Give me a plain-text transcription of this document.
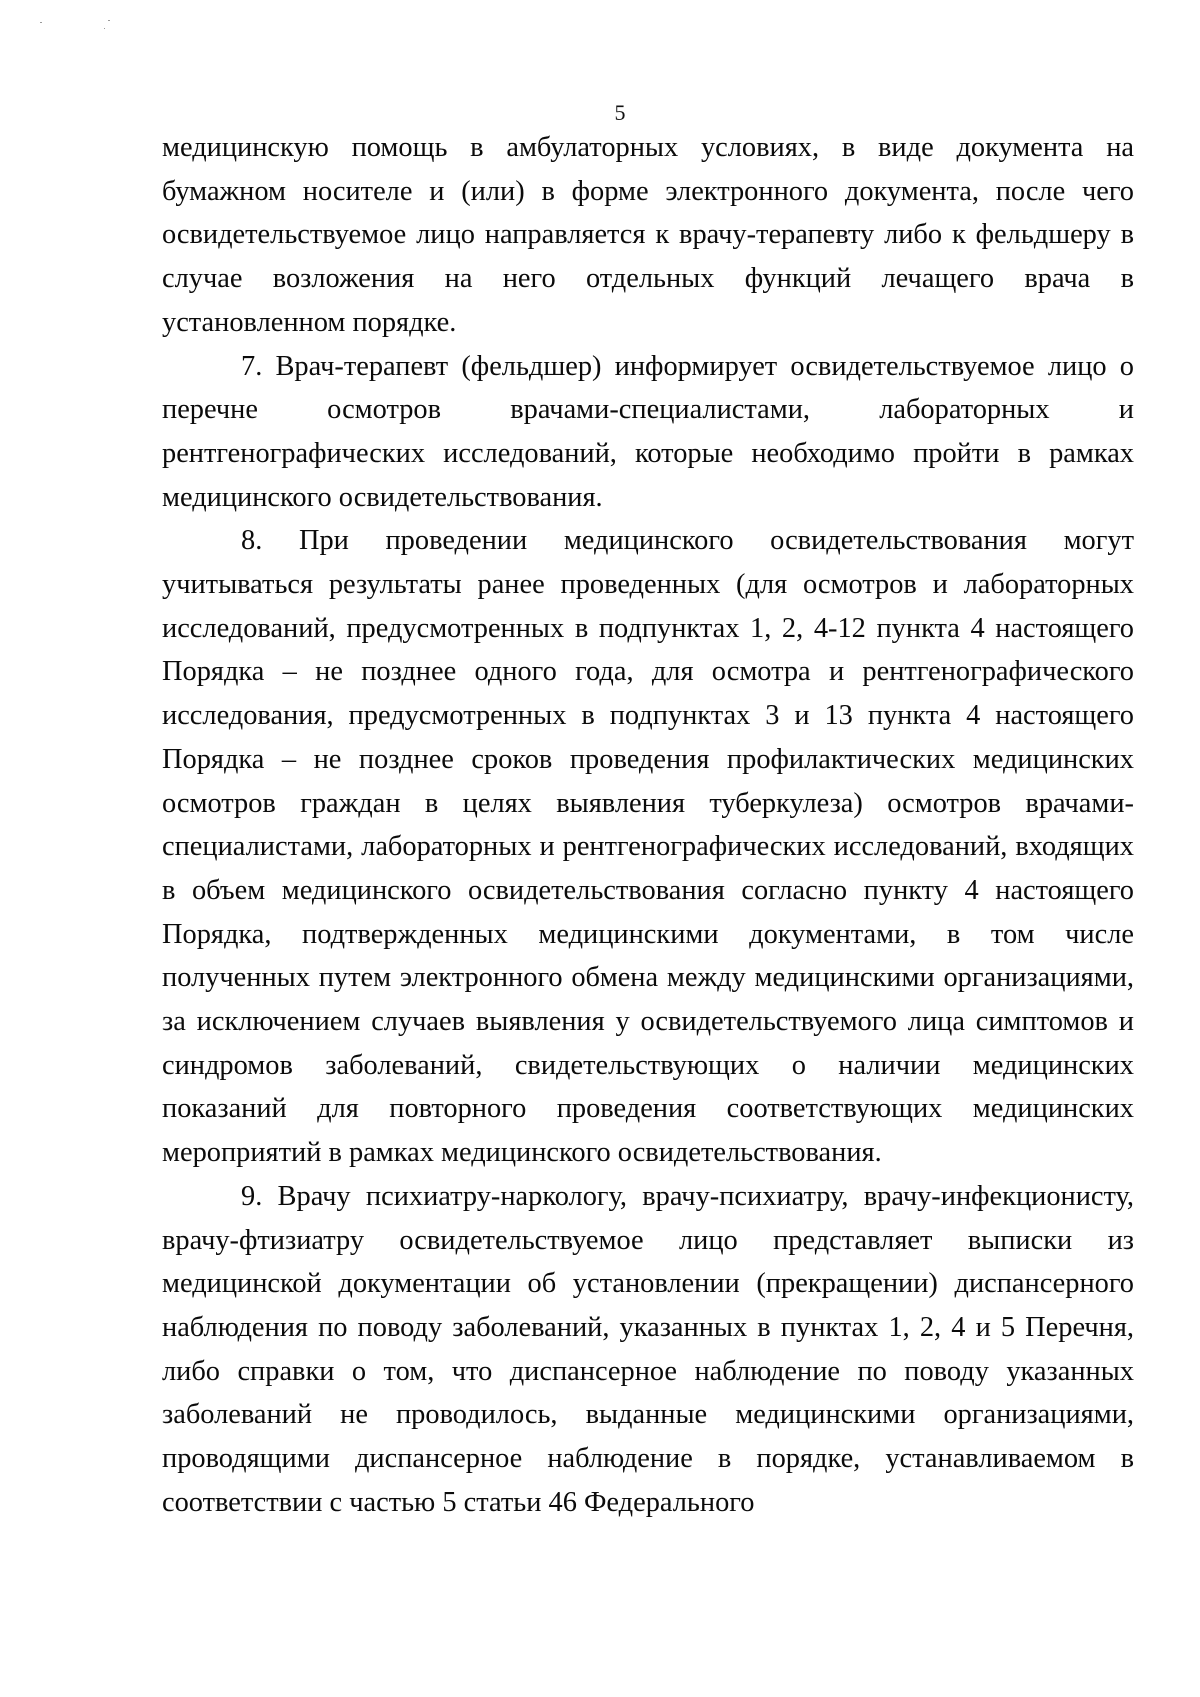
5

медицинскую помощь в амбулаторных условиях, в виде документа на бумажном носителе и (или) в форме электронного документа, после чего освидетельствуемое лицо направляется к врачу-терапевту либо к фельдшеру в случае возложения на него отдельных функций лечащего врача в установленном порядке.

7. Врач-терапевт (фельдшер) информирует освидетельствуемое лицо о перечне осмотров врачами-специалистами, лабораторных и рентгенографических исследований, которые необходимо пройти в рамках медицинского освидетельствования.

8. При проведении медицинского освидетельствования могут учитываться результаты ранее проведенных (для осмотров и лабораторных исследований, предусмотренных в подпунктах 1, 2, 4-12 пункта 4 настоящего Порядка – не позднее одного года, для осмотра и рентгенографического исследования, предусмотренных в подпунктах 3 и 13 пункта 4 настоящего Порядка – не позднее сроков проведения профилактических медицинских осмотров граждан в целях выявления туберкулеза) осмотров врачами-специалистами, лабораторных и рентгенографических исследований, входящих в объем медицинского освидетельствования согласно пункту 4 настоящего Порядка, подтвержденных медицинскими документами, в том числе полученных путем электронного обмена между медицинскими организациями, за исключением случаев выявления у освидетельствуемого лица симптомов и синдромов заболеваний, свидетельствующих о наличии медицинских показаний для повторного проведения соответствующих медицинских мероприятий в рамках медицинского освидетельствования.

9. Врачу психиатру-наркологу, врачу-психиатру, врачу-инфекционисту, врачу-фтизиатру освидетельствуемое лицо представляет выписки из медицинской документации об установлении (прекращении) диспансерного наблюдения по поводу заболеваний, указанных в пунктах 1, 2, 4 и 5 Перечня, либо справки о том, что диспансерное наблюдение по поводу указанных заболеваний не проводилось, выданные медицинскими организациями, проводящими диспансерное наблюдение в порядке, устанавливаемом в соответствии с частью 5 статьи 46 Федерального
